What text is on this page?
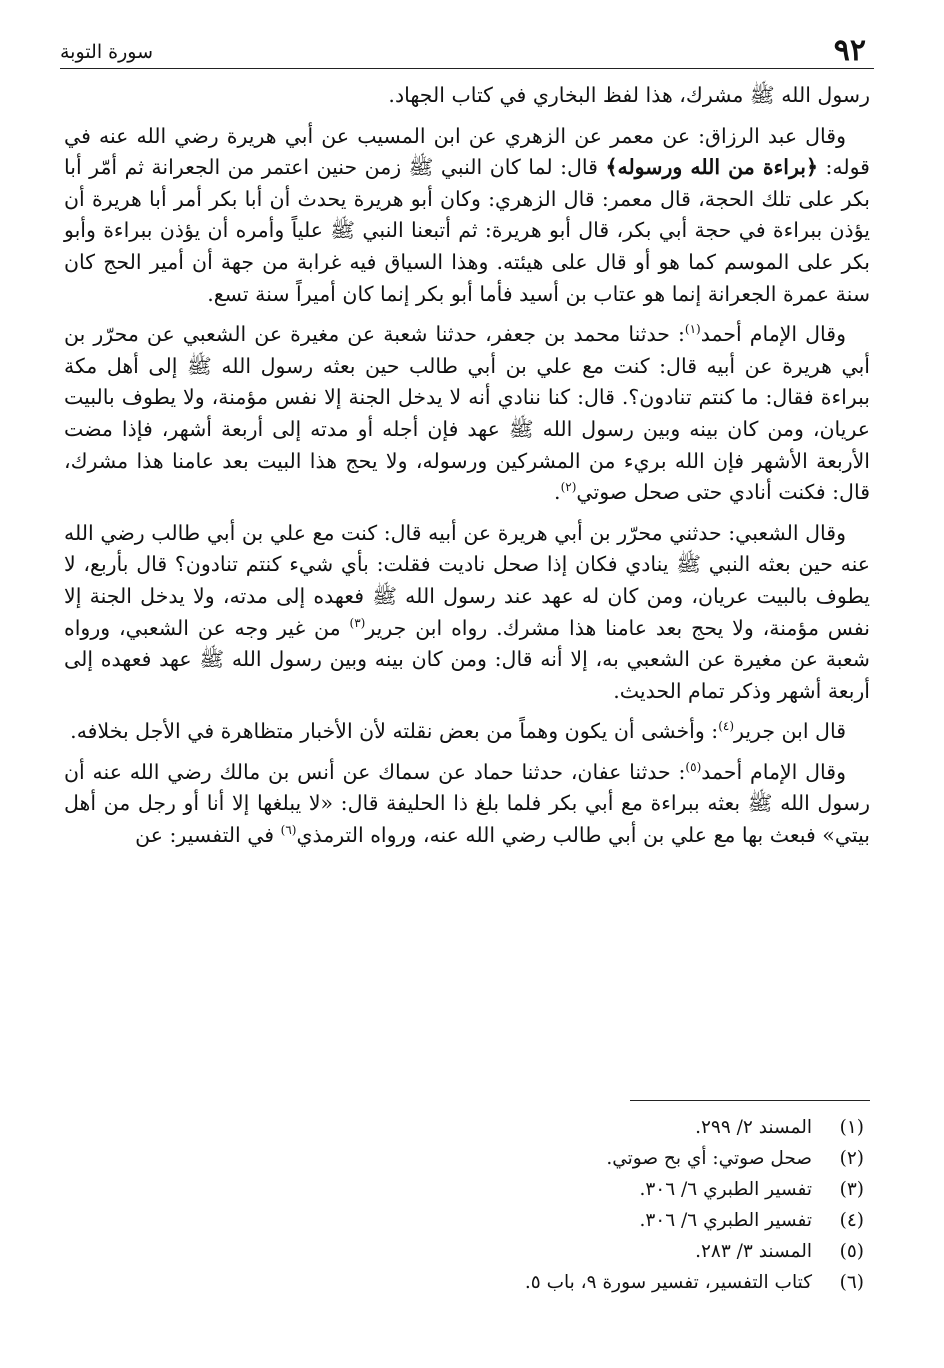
٩٢
سورة التوبة

رسول الله ﷺ مشرك، هذا لفظ البخاري في كتاب الجهاد.

وقال عبد الرزاق: عن معمر عن الزهري عن ابن المسيب عن أبي هريرة رضي الله عنه في قوله: ﴿براءة من الله ورسوله﴾ قال: لما كان النبي ﷺ زمن حنين اعتمر من الجعرانة ثم أمّر أبا بكر على تلك الحجة، قال معمر: قال الزهري: وكان أبو هريرة يحدث أن أبا بكر أمر أبا هريرة أن يؤذن ببراءة في حجة أبي بكر، قال أبو هريرة: ثم أتبعنا النبي ﷺ علياً وأمره أن يؤذن ببراءة وأبو بكر على الموسم كما هو أو قال على هيئته. وهذا السياق فيه غرابة من جهة أن أمير الحج كان سنة عمرة الجعرانة إنما هو عتاب بن أسيد فأما أبو بكر إنما كان أميراً سنة تسع.

وقال الإمام أحمد$^{(١)}$: حدثنا محمد بن جعفر، حدثنا شعبة عن مغيرة عن الشعبي عن محرّر بن أبي هريرة عن أبيه قال: كنت مع علي بن أبي طالب حين بعثه رسول الله ﷺ إلى أهل مكة ببراءة فقال: ما كنتم تنادون؟. قال: كنا ننادي أنه لا يدخل الجنة إلا نفس مؤمنة، ولا يطوف بالبيت عريان، ومن كان بينه وبين رسول الله ﷺ عهد فإن أجله أو مدته إلى أربعة أشهر، فإذا مضت الأربعة الأشهر فإن الله بريء من المشركين ورسوله، ولا يحج هذا البيت بعد عامنا هذا مشرك، قال: فكنت أنادي حتى صحل صوتي$^{(٢)}$.

وقال الشعبي: حدثني محرّر بن أبي هريرة عن أبيه قال: كنت مع علي بن أبي طالب رضي الله عنه حين بعثه النبي ﷺ ينادي فكان إذا صحل ناديت فقلت: بأي شيء كنتم تنادون؟ قال بأربع، لا يطوف بالبيت عريان، ومن كان له عهد عند رسول الله ﷺ فعهده إلى مدته، ولا يدخل الجنة إلا نفس مؤمنة، ولا يحج بعد عامنا هذا مشرك. رواه ابن جرير$^{(٣)}$ من غير وجه عن الشعبي، ورواه شعبة عن مغيرة عن الشعبي به، إلا أنه قال: ومن كان بينه وبين رسول الله ﷺ عهد فعهده إلى أربعة أشهر وذكر تمام الحديث.

قال ابن جرير$^{(٤)}$: وأخشى أن يكون وهماً من بعض نقلته لأن الأخبار متظاهرة في الأجل بخلافه.

وقال الإمام أحمد$^{(٥)}$: حدثنا عفان، حدثنا حماد عن سماك عن أنس بن مالك رضي الله عنه أن رسول الله ﷺ بعثه ببراءة مع أبي بكر فلما بلغ ذا الحليفة قال: «لا يبلغها إلا أنا أو رجل من أهل بيتي» فبعث بها مع علي بن أبي طالب رضي الله عنه، ورواه الترمذي$^{(٦)}$ في التفسير: عن

(١)
المسند ٢/ ٢٩٩.
(٢)
صحل صوتي: أي بح صوتي.
(٣)
تفسير الطبري ٦/ ٣٠٦.
(٤)
تفسير الطبري ٦/ ٣٠٦.
(٥)
المسند ٣/ ٢٨٣.
(٦)
كتاب التفسير، تفسير سورة ٩، باب ٥.
